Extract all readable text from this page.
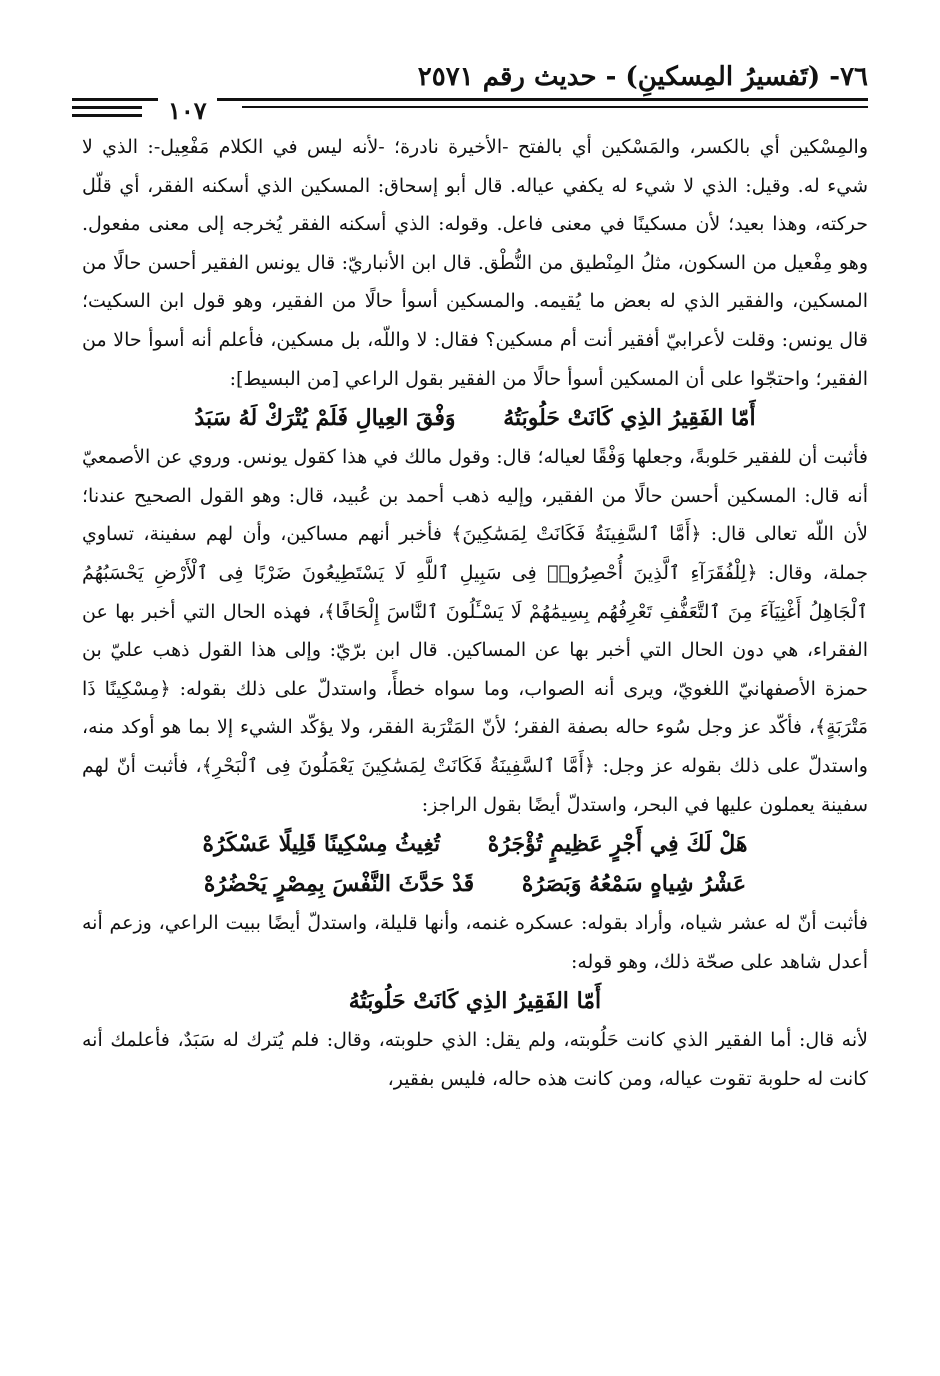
٧٦- (تَفسيرُ المِسكينِ) - حديث رقم ٢٥٧١
١٠٧

والمِسْكين أي بالكسر، والمَسْكين أي بالفتح -الأخيرة نادرة؛ -لأنه ليس في الكلام مَفْعِيل-: الذي لا شيء له. وقيل: الذي لا شيء له يكفي عياله. قال أبو إسحاق: المسكين الذي أسكنه الفقر، أي قلّل حركته، وهذا بعيد؛ لأن مسكينًا في معنى فاعل. وقوله: الذي أسكنه الفقر يُخرجه إلى معنى مفعول. وهو مِفْعيل من السكون، مثلُ المِنْطيق من النُّطْق. قال ابن الأنباريّ: قال يونس الفقير أحسن حالًا من المسكين، والفقير الذي له بعض ما يُقيمه. والمسكين أسوأ حالًا من الفقير، وهو قول ابن السكيت؛ قال يونس: وقلت لأعرابيّ أفقير أنت أم مسكين؟ فقال: لا واللّه، بل مسكين، فأعلم أنه أسوأ حالا من الفقير؛ واحتجّوا على أن المسكين أسوأ حالًا من الفقير بقول الراعي [من البسيط]:

أَمّا الفَقِيرُ الذِي كَانَتْ حَلُوبَتُهُ وَفْقَ العِيالِ فَلَمْ يُتْرَكْ لَهُ سَبَدُ

فأثبت أن للفقير حَلوبةً، وجعلها وَفْقًا لعياله؛ قال: وقول مالك في هذا كقول يونس. وروي عن الأصمعيّ أنه قال: المسكين أحسن حالًا من الفقير، وإليه ذهب أحمد بن عُبيد، قال: وهو القول الصحيح عندنا؛ لأن اللّه تعالى قال: ﴿أَمَّا ٱلسَّفِينَةُ فَكَانَتْ لِمَسَٰكِينَ﴾ فأخبر أنهم مساكين، وأن لهم سفينة، تساوي جملة، وقال: ﴿لِلْفُقَرَآءِ ٱلَّذِينَ أُحْصِرُوا۟ فِى سَبِيلِ ٱللَّهِ لَا يَسْتَطِيعُونَ ضَرْبًا فِى ٱلْأَرْضِ يَحْسَبُهُمُ ٱلْجَاهِلُ أَغْنِيَآءَ مِنَ ٱلتَّعَفُّفِ تَعْرِفُهُم بِسِيمَٰهُمْ لَا يَسْـَٔلُونَ ٱلنَّاسَ إِلْحَافًا﴾، فهذه الحال التي أخبر بها عن الفقراء، هي دون الحال التي أخبر بها عن المساكين. قال ابن برّيّ: وإلى هذا القول ذهب عليّ بن حمزة الأصفهانيّ اللغويّ، ويرى أنه الصواب، وما سواه خطأً، واستدلّ على ذلك بقوله: ﴿مِسْكِينًا ذَا مَتْرَبَةٍ﴾، فأكّد عز وجل سُوء حاله بصفة الفقر؛ لأنّ المَتْرَبة الفقر، ولا يؤكّد الشيء إلا بما هو أوكد منه، واستدلّ على ذلك بقوله عز وجل: ﴿أَمَّا ٱلسَّفِينَةُ فَكَانَتْ لِمَسَٰكِينَ يَعْمَلُونَ فِى ٱلْبَحْرِ﴾، فأثبت أنّ لهم سفينة يعملون عليها في البحر، واستدلّ أيضًا بقول الراجز:

هَلْ لَكَ فِي أَجْرٍ عَظِيمٍ تُؤْجَرُهْ تُغِيثُ مِسْكِينًا قَلِيلًا عَسْكَرُهْ

عَشْرُ شِياهٍ سَمْعُهُ وَبَصَرُهْ قَدْ حَدَّثَ النَّفْسَ بِمِصْرٍ يَحْضُرُهْ

فأثبت أنّ له عشر شياه، وأراد بقوله: عسكره غنمه، وأنها قليلة، واستدلّ أيضًا ببيت الراعي، وزعم أنه أعدل شاهد على صحّة ذلك، وهو قوله:

أَمّا الفَقِيرُ الذِي كَانَتْ حَلُوبَتُهُ

لأنه قال: أما الفقير الذي كانت حَلُوبته، ولم يقل: الذي حلوبته، وقال: فلم يُترك له سَبَدٌ، فأعلمك أنه كانت له حلوبة تقوت عياله، ومن كانت هذه حاله، فليس بفقير،
